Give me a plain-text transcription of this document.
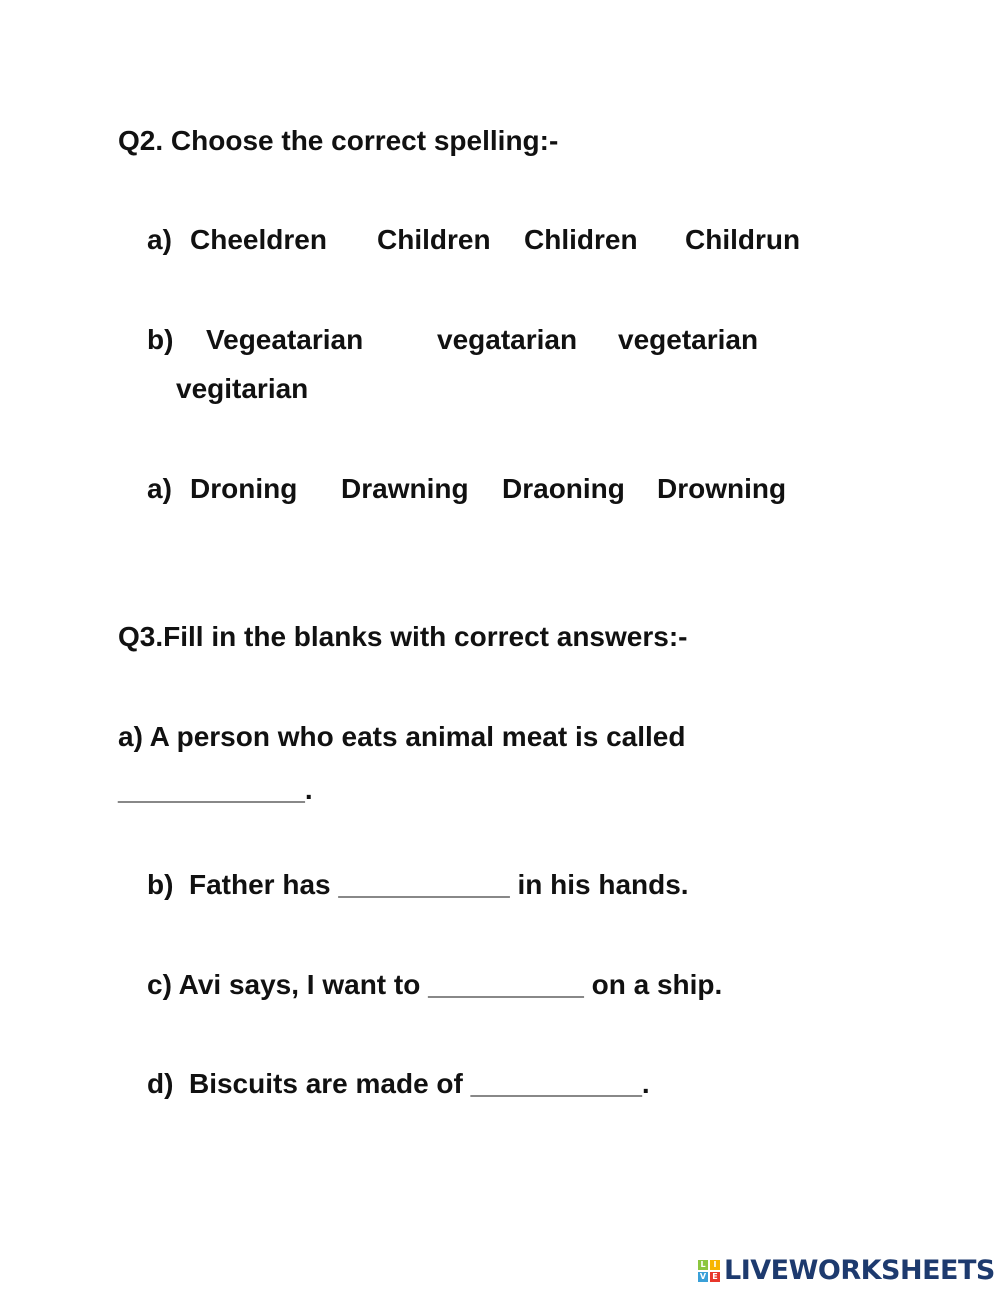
Q2. Choose the correct spelling:-
a) Cheeldren Children Chlidren Childrun
b) Vegeatarian	vegatarian vegetarian
vegitarian
a) Droning Drawning Draoning Drowning
Q3.Fill in the blanks with correct answers:-
a) A person who eats animal meat is called
____________.
b)  Father has ___________ in his hands.
c) Avi says, I want to __________ on a ship.
d)  Biscuits are made of ___________.
L I
V E LIVEWORKSHEETS
